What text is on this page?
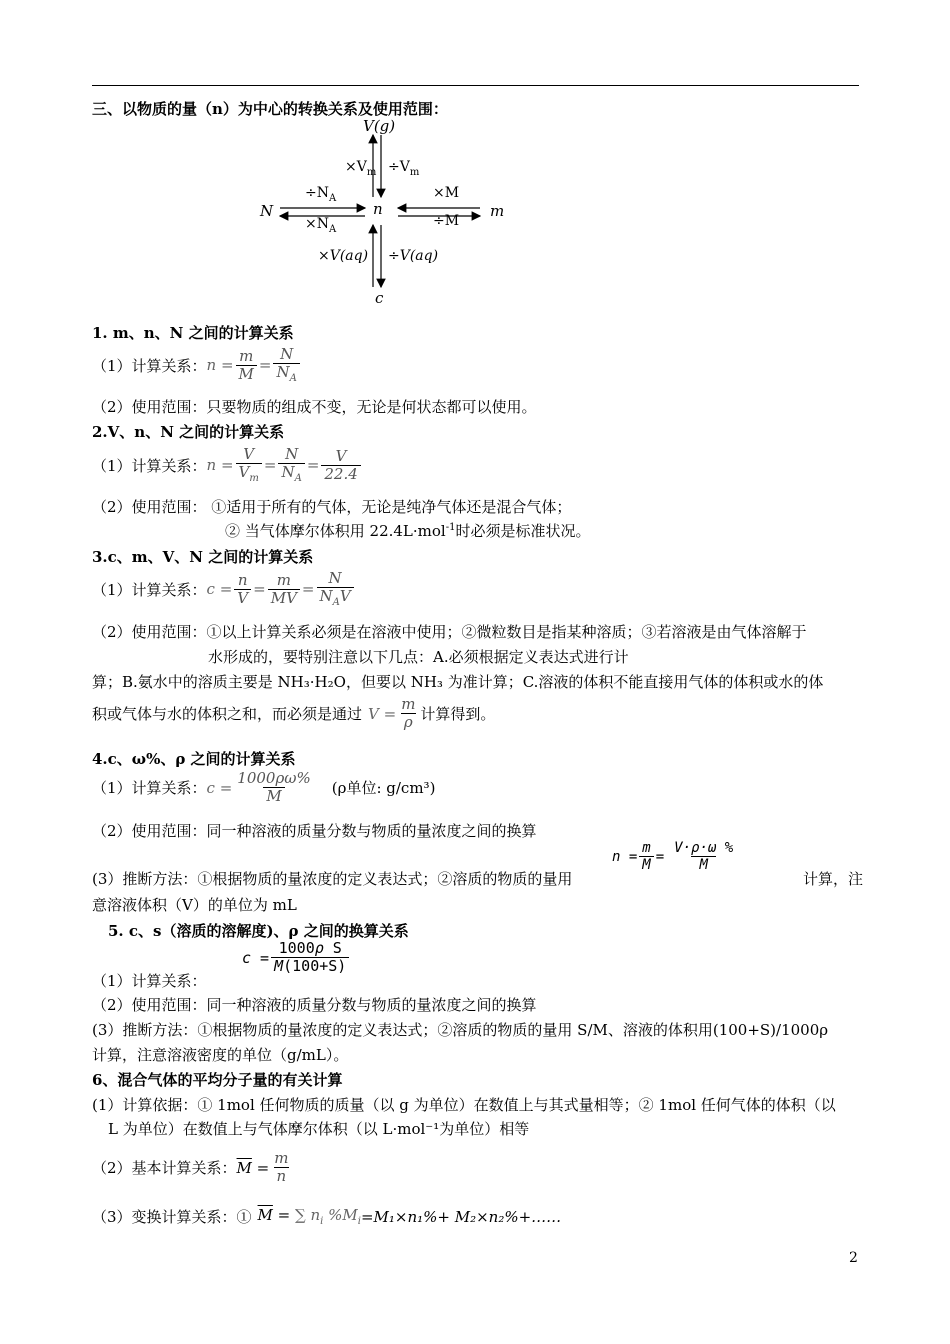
三、以物质的量（n）为中心的转换关系及使用范围：
V(g)
$\times V_m \div V_m$
$\div N_A$
N	n	m
$\times N_A$
×M
÷M
×V(aq) ÷V(aq)
c
1. m、n、N 之间的计算关系
（1）计算关系： $n = \frac{m}{M} = \frac{N}{N_A}$
（2）使用范围：只要物质的组成不变，无论是何状态都可以使用。
2.V、n、N 之间的计算关系
（1）计算关系： $n = \frac{V}{V_m} = \frac{N}{N_A} = \frac{V}{22.4}$
（2）使用范围： ①适用于所有的气体，无论是纯净气体还是混合气体；
② 当气体摩尔体积用 22.4L·mol$^{-1}$时必须是标准状况。
3.c、m、V、N 之间的计算关系
（1）计算关系： $c = \frac{n}{V} = \frac{m}{MV} = \frac{N}{N_AV}$
（2）使用范围：①以上计算关系必须是在溶液中使用；②微粒数目是指某种溶质；③若溶液是由气体溶解于
水形成的，要特别注意以下几点：A.必须根据定义表达式进行计
算；B.氨水中的溶质主要是 NH₃·H₂O，但要以 NH₃ 为准计算；C.溶液的体积不能直接用气体的体积或水的体
积或气体与水的体积之和，而必须是通过 $V = \frac{m}{\rho}$ 计算得到。
4.c、ω%、ρ 之间的计算关系
（1）计算关系： $c = \frac{1000\rho\omega\%}{M} (\rho$单位: g/cm³)
（2）使用范围：同一种溶液的质量分数与物质的量浓度之间的换算
$n = \frac{m}{M} = \frac{V\cdot\rho\cdot\omega \%}{M}$
(3）推断方法：①根据物质的量浓度的定义表达式；②溶质的物质的量用	计算，注
意溶液体积（V）的单位为 mL
5. c、s（溶质的溶解度)、ρ 之间的换算关系
$c = \frac{\text{1000ρ S}}{M(100+S)}$
（1）计算关系：
（2）使用范围：同一种溶液的质量分数与物质的量浓度之间的换算
(3）推断方法：①根据物质的量浓度的定义表达式；②溶质的物质的量用 S/M、溶液的体积用(100+S)/1000ρ
计算，注意溶液密度的单位（g/mL）。
6、混合气体的平均分子量的有关计算
(1）计算依据：① 1mol 任何物质的质量（以 g 为单位）在数值上与其式量相等；② 1mol 任何气体的体积（以
L 为单位）在数值上与气体摩尔体积（以 L·mol⁻¹为单位）相等
（2）基本计算关系： $\overline{M} = \frac{m}{n}$
（3）变换计算关系：① $\overline{M}$ = ∑ $n_i$ $\%M_i =M_1\times n_1\%+$ M₂×n₂%+……
2
